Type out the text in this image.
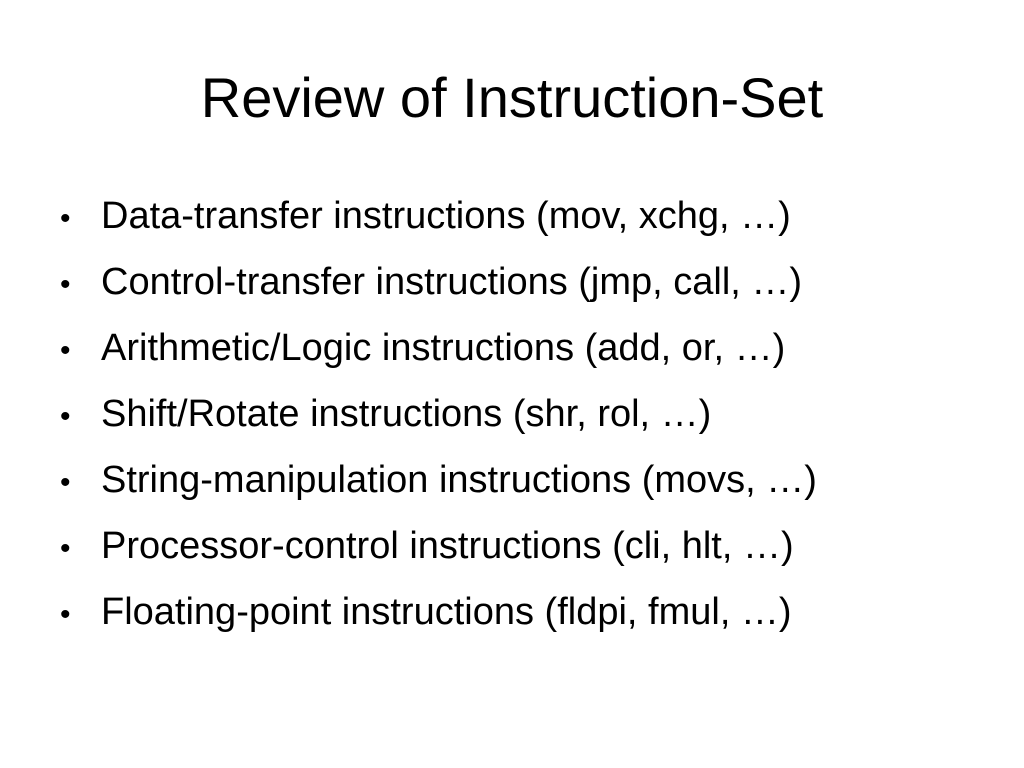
Review of Instruction-Set
• Data-transfer instructions (mov, xchg, …)
• Control-transfer instructions (jmp, call, …)
• Arithmetic/Logic instructions (add, or, …)
• Shift/Rotate instructions (shr, rol, …)
• String-manipulation instructions (movs, …)
• Processor-control instructions (cli, hlt, …)
• Floating-point instructions (fldpi, fmul, …)
